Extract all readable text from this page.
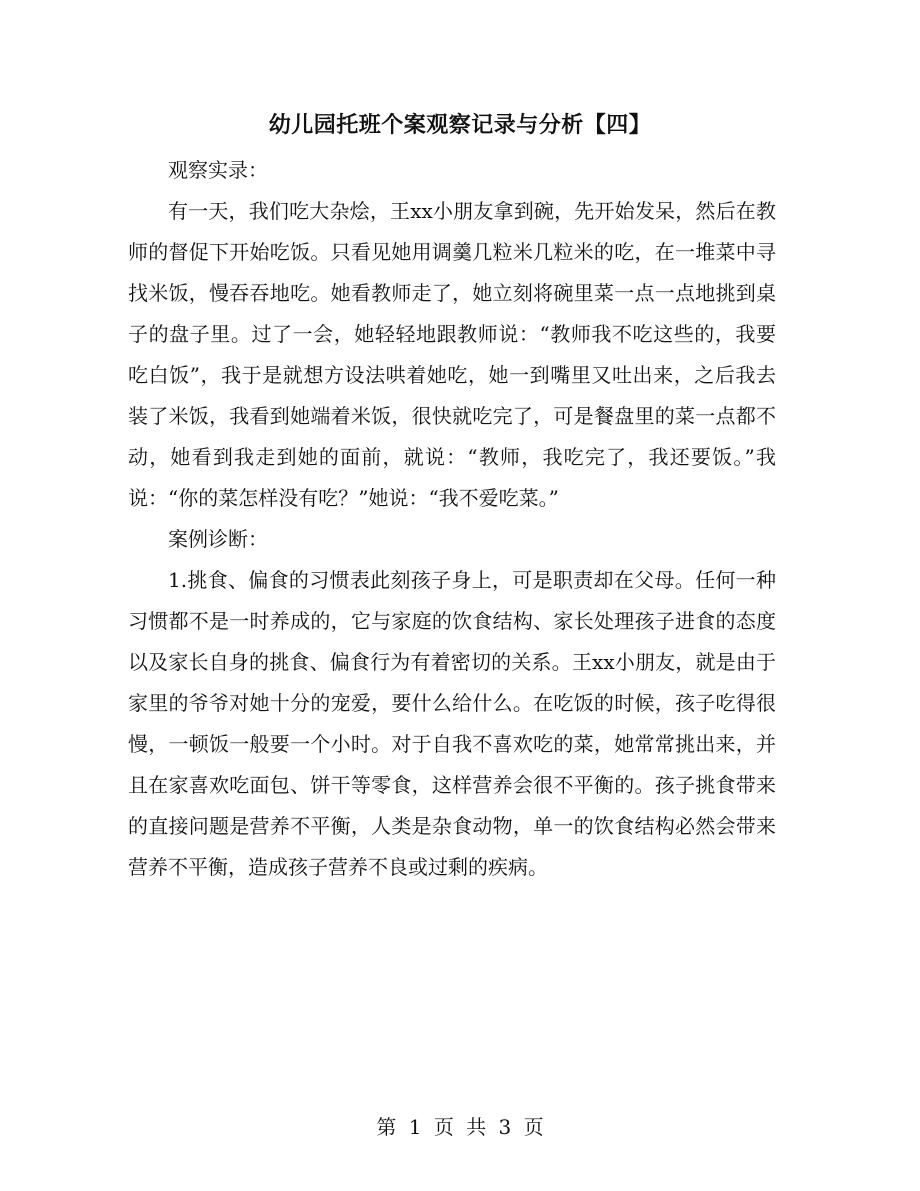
幼儿园托班个案观察记录与分析【四】

观察实录：

有一天，我们吃大杂烩，王xx小朋友拿到碗，先开始发呆，然后在教师的督促下开始吃饭。只看见她用调羹几粒米几粒米的吃，在一堆菜中寻找米饭，慢吞吞地吃。她看教师走了，她立刻将碗里菜一点一点地挑到桌子的盘子里。过了一会，她轻轻地跟教师说：“教师我不吃这些的，我要吃白饭”，我于是就想方设法哄着她吃，她一到嘴里又吐出来，之后我去装了米饭，我看到她端着米饭，很快就吃完了，可是餐盘里的菜一点都不动，她看到我走到她的面前，就说：“教师，我吃完了，我还要饭。”我说：“你的菜怎样没有吃？”她说：“我不爱吃菜。”

案例诊断：

1.挑食、偏食的习惯表此刻孩子身上，可是职责却在父母。任何一种习惯都不是一时养成的，它与家庭的饮食结构、家长处理孩子进食的态度以及家长自身的挑食、偏食行为有着密切的关系。王xx小朋友，就是由于家里的爷爷对她十分的宠爱，要什么给什么。在吃饭的时候，孩子吃得很慢，一顿饭一般要一个小时。对于自我不喜欢吃的菜，她常常挑出来，并且在家喜欢吃面包、饼干等零食，这样营养会很不平衡的。孩子挑食带来的直接问题是营养不平衡，人类是杂食动物，单一的饮食结构必然会带来营养不平衡，造成孩子营养不良或过剩的疾病。

第 1 页 共 3 页
